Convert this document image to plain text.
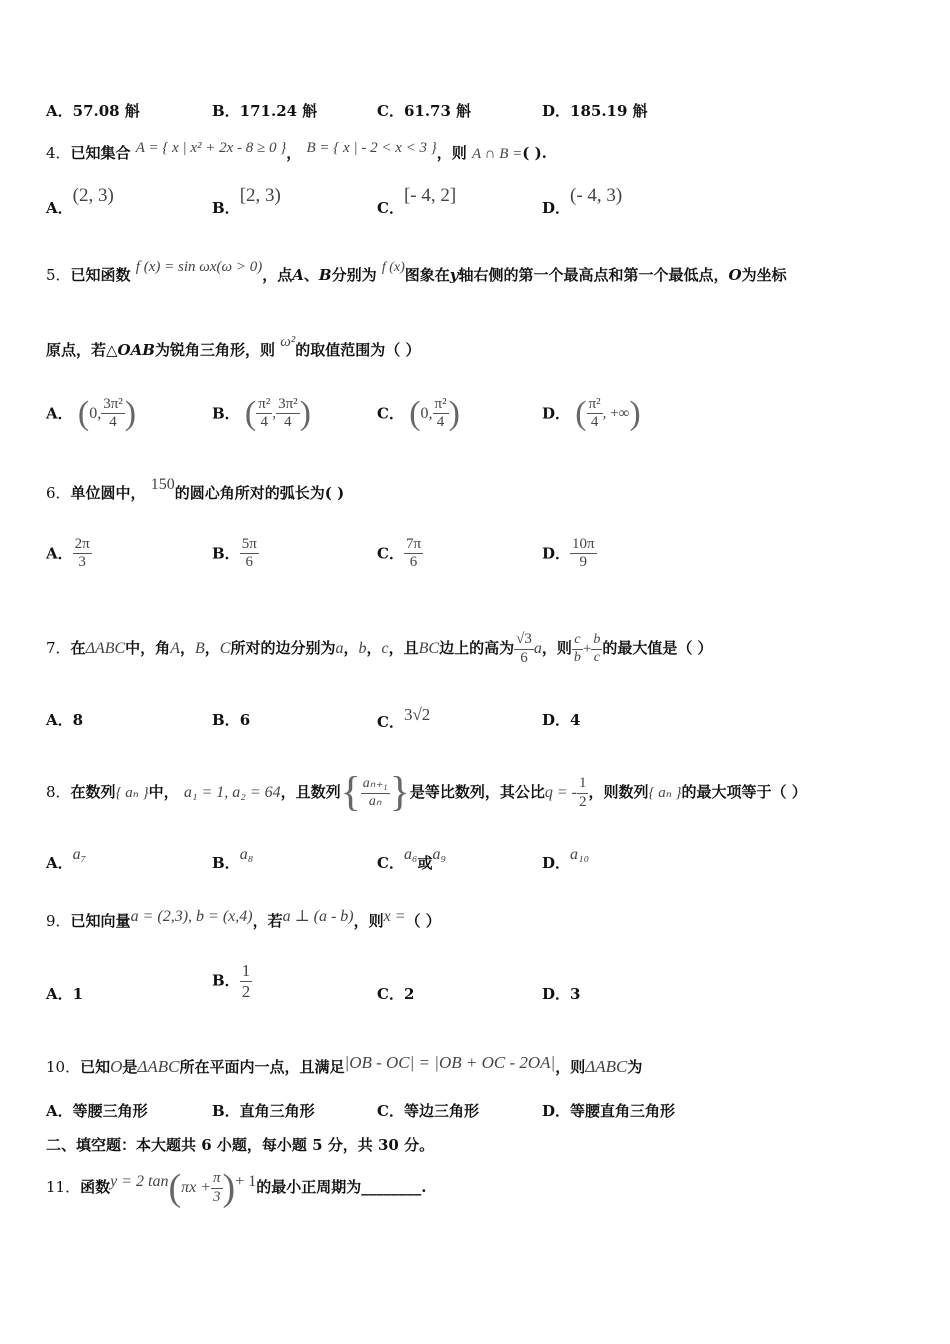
A．57.08 斛	B．171.24 斛	C．61.73 斛	D．185.19 斛
4．已知集合 A = { x | x² + 2x - 8 ≥ 0 }， B = { x | - 2 < x < 3 }，则 A ∩ B =( ).
A．(2, 3)
B．[2, 3)
C．[- 4, 2]
D．(- 4, 3)
5．已知函数 f (x) = sin ωx(ω > 0)，点A、B分别为 f (x)图象在y轴右侧的第一个最高点和第一个最低点，O为坐标
原点，若△OAB为锐角三角形，则 ω²的取值范围为（ ）
A． (0, $\frac{\text{3π²}}{4}$ )	B． ( $\frac{\text{π²}}{4}$ , $\frac{\text{3π²}}{4}$ )	C． (0, $\frac{\text{π²}}{4}$ )	D． ( $\frac{\text{π²}}{4}$ , +∞)
6．单位圆中， 150的圆心角所对的弧长为( )
A． $\frac{2\pi}{3}$	B． $\frac{5\pi}{6}$	C． $\frac{7\pi}{6}$	D． $\frac{10\pi}{9}$
7．在ΔABC中，角A，B，C所对的边分别为a，b，c，且BC边上的高为 $\frac{√3}{6}$ a，则 $\frac{c}{b} + \frac{b}{c}$ 的最大值是（ ）
A．8	B．6	C．3√2	D．4
8．在数列{ aₙ }中， a₁ = 1, a₂ = 64，且数列{ $\frac{\text{aₙ₊₁}}{\text{aₙ}}$ }是等比数列，其公比q = - $\frac{1}{2}$ ，则数列{ aₙ }的最大项等于（ ）
A．a₇	B．a₈	C．a₆或a₉	D．a₁₀
9．已知向量a = (2,3), b = (x,4)，若a ⊥ (a - b)，则x =（ ）
A．1
B． $\frac{1}{2}$	C．2	D．3
10．已知O是ΔABC所在平面内一点，且满足|OB - OC| = |OB + OC - 2OA|，则ΔABC为
A．等腰三角形	B．直角三角形	C．等边三角形	D．等腰直角三角形
二、填空题：本大题共 6 小题，每小题 5 分，共 30 分。
11．函数y = 2 $\tan(\pi x + \frac{\pi}{3}$ )+ 1的最小正周期为________.
